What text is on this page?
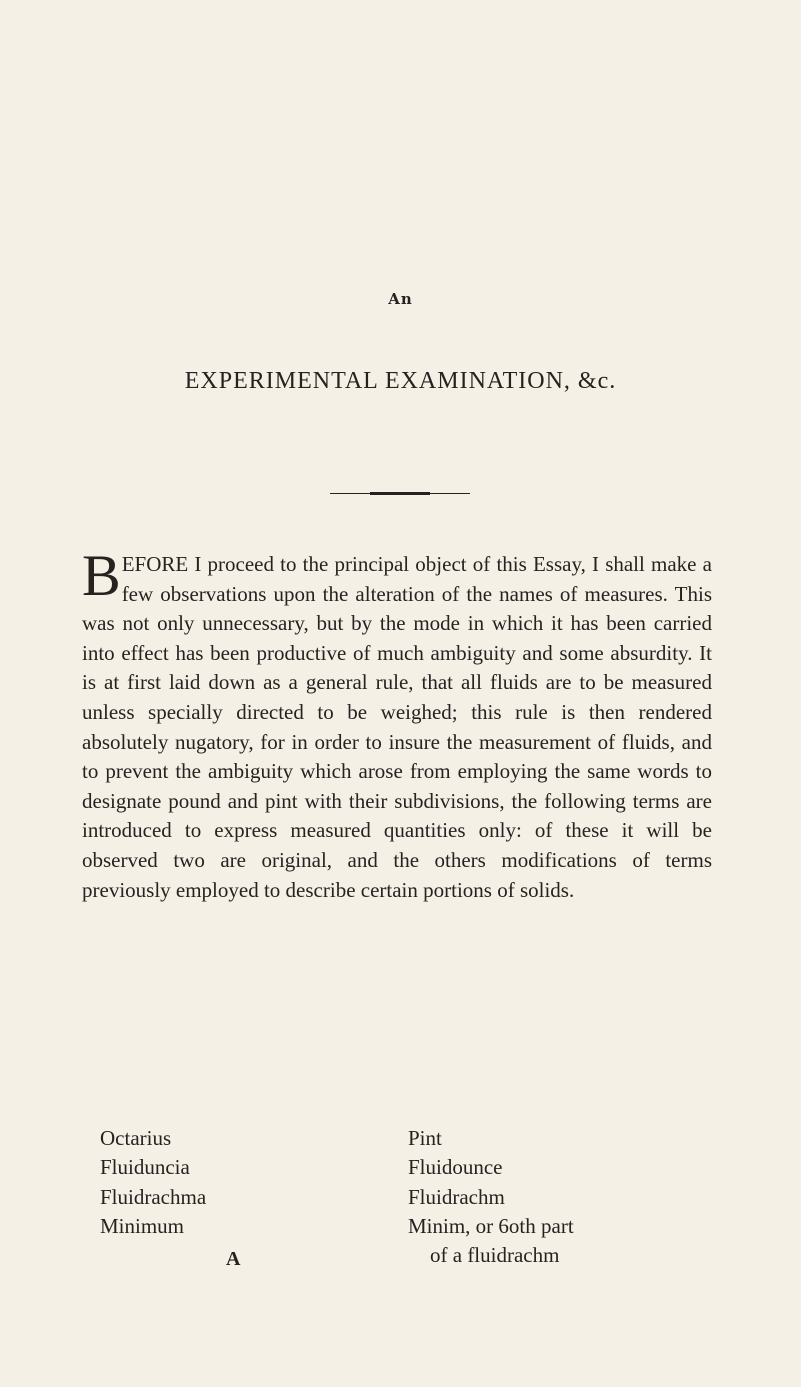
An
EXPERIMENTAL EXAMINATION, &c.
BEFORE I proceed to the principal object of this Essay, I shall make a few observations upon the alteration of the names of measures. This was not only unnecessary, but by the mode in which it has been carried into effect has been productive of much ambiguity and some absurdity. It is at first laid down as a general rule, that all fluids are to be measured unless specially directed to be weighed; this rule is then rendered absolutely nugatory, for in order to insure the measurement of fluids, and to prevent the ambiguity which arose from employing the same words to designate pound and pint with their subdivisions, the following terms are introduced to express measured quantities only: of these it will be observed two are original, and the others modifications of terms previously employed to describe certain portions of solids.
Octarius	Pint
Fluiduncia	Fluidounce
Fluidrachma	Fluidrachm
Minimum	Minim, or 6oth part
of a fluidrachm
A
